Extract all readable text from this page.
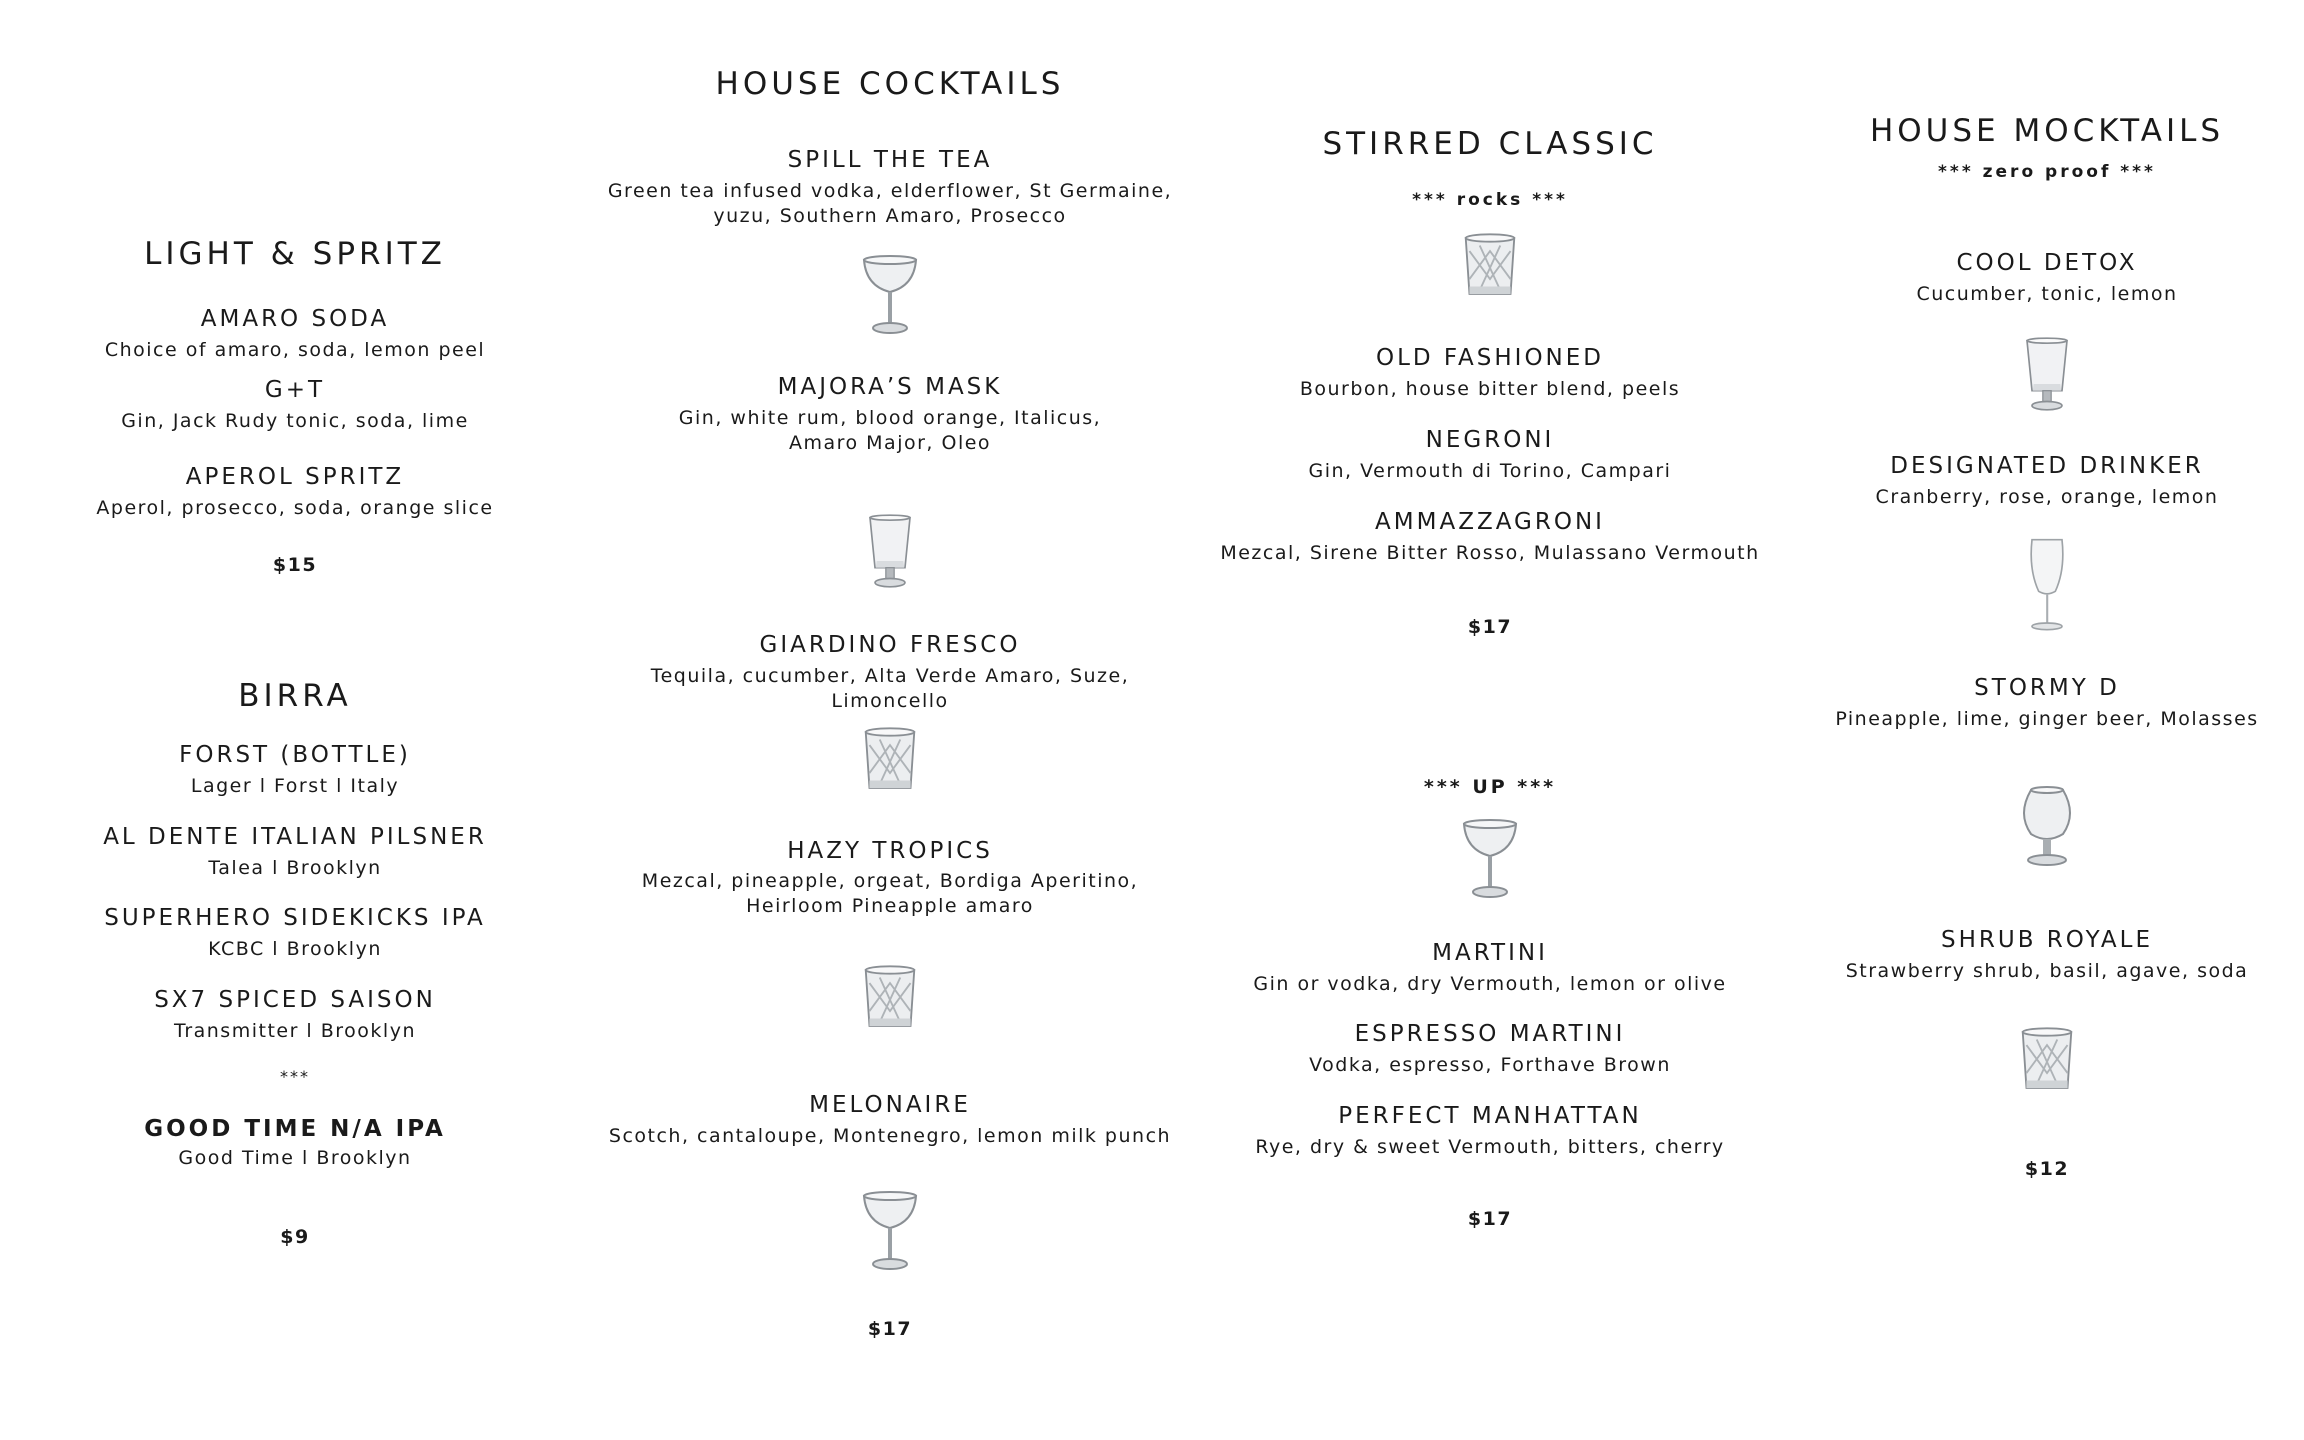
LIGHT & SPRITZ
AMARO SODA
Choice of amaro, soda, lemon peel
G+T
Gin, Jack Rudy tonic, soda, lime
APEROL SPRITZ
Aperol, prosecco, soda, orange slice
$15
BIRRA
FORST (BOTTLE)
Lager l Forst l Italy
AL DENTE ITALIAN PILSNER
Talea l Brooklyn
SUPERHERO SIDEKICKS IPA
KCBC l Brooklyn
SX7 SPICED SAISON
Transmitter l Brooklyn
***
GOOD TIME N/A IPA
Good Time l Brooklyn
$9
HOUSE COCKTAILS
SPILL THE TEA
Green tea infused vodka, elderflower, St Germaine,
yuzu, Southern Amaro, Prosecco
MAJORA’S MASK
Gin, white rum, blood orange, Italicus,
Amaro Major, Oleo
GIARDINO FRESCO
Tequila, cucumber, Alta Verde Amaro, Suze, Limoncello
HAZY TROPICS
Mezcal, pineapple, orgeat, Bordiga Aperitino,
Heirloom Pineapple amaro
MELONAIRE
Scotch, cantaloupe, Montenegro, lemon milk punch
$17
STIRRED CLASSIC
*** rocks ***
OLD FASHIONED
Bourbon, house bitter blend, peels
NEGRONI
Gin, Vermouth di Torino, Campari
AMMAZZAGRONI
Mezcal, Sirene Bitter Rosso, Mulassano Vermouth
$17
*** UP ***
MARTINI
Gin or vodka, dry Vermouth, lemon or olive
ESPRESSO MARTINI
Vodka, espresso, Forthave Brown
PERFECT MANHATTAN
Rye, dry & sweet Vermouth, bitters, cherry
$17
HOUSE MOCKTAILS
*** zero proof ***
COOL DETOX
Cucumber, tonic, lemon
DESIGNATED DRINKER
Cranberry, rose, orange, lemon
STORMY D
Pineapple, lime, ginger beer, Molasses
SHRUB ROYALE
Strawberry shrub, basil, agave, soda
$12
